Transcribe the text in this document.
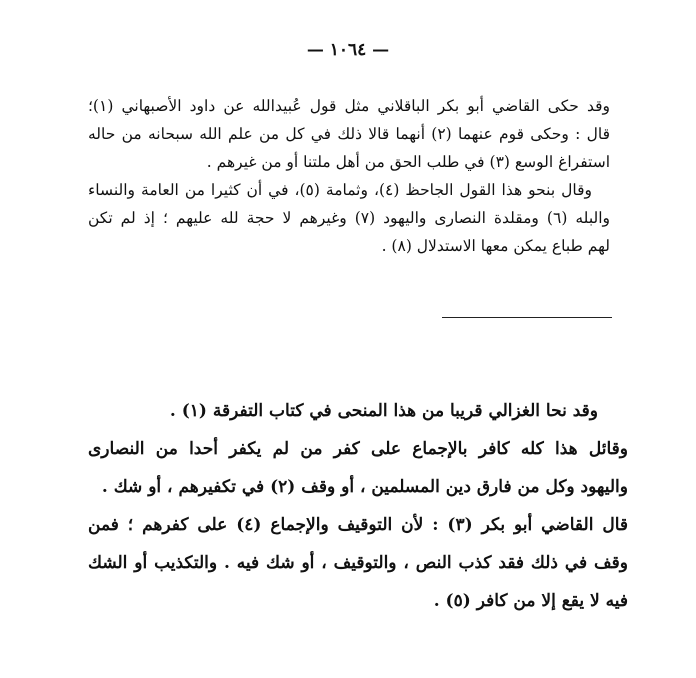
— ١٠٦٤ —
وقد حكى القاضي أبو بكر الباقلاني مثل قول عُبيدالله عن داود الأصبهاني (١)؛
قال : وحكى قوم عنهما (٢) أنهما قالا ذلك في كل من علم الله سبحانه من حاله
استفراغ الوسع (٣) في طلب الحق من أهل ملتنا أو من غيرهم .
وقال بنحو هذا القول الجاحظ (٤)، وثمامة (٥)، في أن كثيرا من العامة والنساء
والبله (٦) ومقلدة النصارى واليهود (٧) وغيرهم لا حجة لله عليهم ؛ إذ لم تكن
لهم طباع يمكن معها الاستدلال (٨) .
وقد نحا الغزالي قريبا من هذا المنحى في كتاب التفرقة (١) .
وقائل هذا كله كافر بالإجماع على كفر من لم يكفر أحدا من النصارى
واليهود وكل من فارق دين المسلمين ، أو وقف (٢) في تكفيرهم ، أو شك .
قال القاضي أبو بكر (٣) : لأن التوقيف والإجماع (٤) على كفرهم ؛ فمن
وقف في ذلك فقد كذب النص ، والتوقيف ، أو شك فيه . والتكذيب أو الشك
فيه لا يقع إلا من كافر (٥) .
